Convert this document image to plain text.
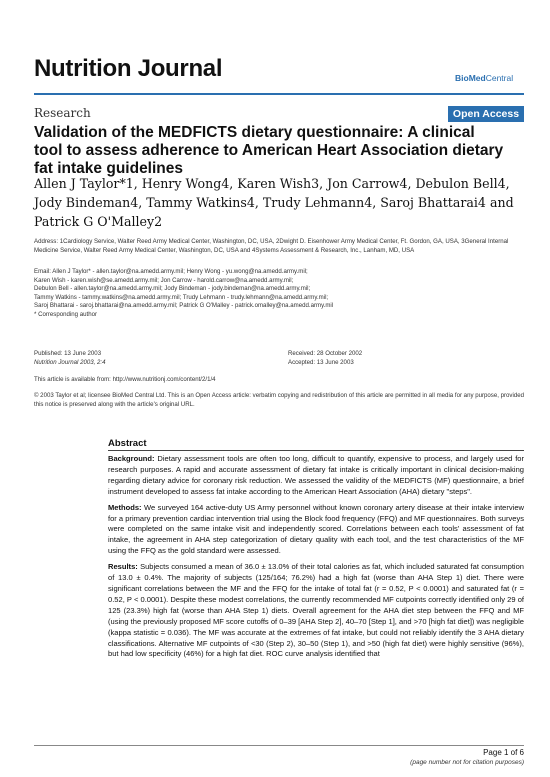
Nutrition Journal	BioMedCentral
Research	Open Access
Validation of the MEDFICTS dietary questionnaire: A clinical tool to assess adherence to American Heart Association dietary fat intake guidelines
Allen J Taylor*1, Henry Wong4, Karen Wish3, Jon Carrow4, Debulon Bell4, Jody Bindeman4, Tammy Watkins4, Trudy Lehmann4, Saroj Bhattarai4 and Patrick G O'Malley2
Address: 1Cardiology Service, Walter Reed Army Medical Center, Washington, DC, USA, 2Dwight D. Eisenhower Army Medical Center, Ft. Gordon, GA, USA, 3General Internal Medicine Service, Walter Reed Army Medical Center, Washington, DC, USA and 4Systems Assessment & Research, Inc., Lanham, MD, USA
Email: Allen J Taylor* - allen.taylor@na.amedd.army.mil; Henry Wong - yu.wong@na.amedd.army.mil;
Karen Wish - karen.wish@se.amedd.army.mil; Jon Carrow - harold.carrow@na.amedd.army.mil;
Debulon Bell - allen.taylor@na.amedd.army.mil; Jody Bindeman - jody.bindeman@na.amedd.army.mil;
Tammy Watkins - tammy.watkins@na.amedd.army.mil; Trudy Lehmann - trudy.lehmann@na.amedd.army.mil;
Saroj Bhattarai - saroj.bhattarai@na.amedd.army.mil; Patrick G O'Malley - patrick.omalley@na.amedd.army.mil
* Corresponding author
Published: 13 June 2003
Nutrition Journal 2003, 2:4
Received: 28 October 2002
Accepted: 13 June 2003
This article is available from: http://www.nutritionj.com/content/2/1/4
© 2003 Taylor et al; licensee BioMed Central Ltd. This is an Open Access article: verbatim copying and redistribution of this article are permitted in all media for any purpose, provided this notice is preserved along with the article's original URL.
Abstract

Background: Dietary assessment tools are often too long, difficult to quantify, expensive to process, and largely used for research purposes. A rapid and accurate assessment of dietary fat intake is critically important in clinical decision-making regarding dietary advice for coronary risk reduction. We assessed the validity of the MEDFICTS (MF) questionnaire, a brief instrument developed to assess fat intake according to the American Heart Association (AHA) dietary "steps".

Methods: We surveyed 164 active-duty US Army personnel without known coronary artery disease at their intake interview for a primary prevention cardiac intervention trial using the Block food frequency (FFQ) and MF questionnaires. Both surveys were completed on the same intake visit and independently scored. Correlations between each tools' assessment of fat intake, the agreement in AHA step categorization of dietary quality with each tool, and the test characteristics of the MF using the FFQ as the gold standard were assessed.

Results: Subjects consumed a mean of 36.0 ± 13.0% of their total calories as fat, which included saturated fat consumption of 13.0 ± 0.4%. The majority of subjects (125/164; 76.2%) had a high fat (worse than AHA Step 1) diet. There were significant correlations between the MF and the FFQ for the intake of total fat (r = 0.52, P < 0.0001) and saturated fat (r = 0.52, P < 0.0001). Despite these modest correlations, the currently recommended MF cutpoints correctly identified only 29 of 125 (23.3%) high fat (worse than AHA Step 1) diets. Overall agreement for the AHA diet step between the FFQ and MF (using the previously proposed MF score cutoffs of 0–39 [AHA Step 2], 40–70 [Step 1], and >70 [high fat diet]) was negligible (kappa statistic = 0.036). The MF was accurate at the extremes of fat intake, but could not reliably identify the 3 AHA dietary classifications. Alternative MF cutpoints of <30 (Step 2), 30–50 (Step 1), and >50 (high fat diet) were highly sensitive (96%), but had low specificity (46%) for a high fat diet. ROC curve analysis identified that

Page 1 of 6
(page number not for citation purposes)
